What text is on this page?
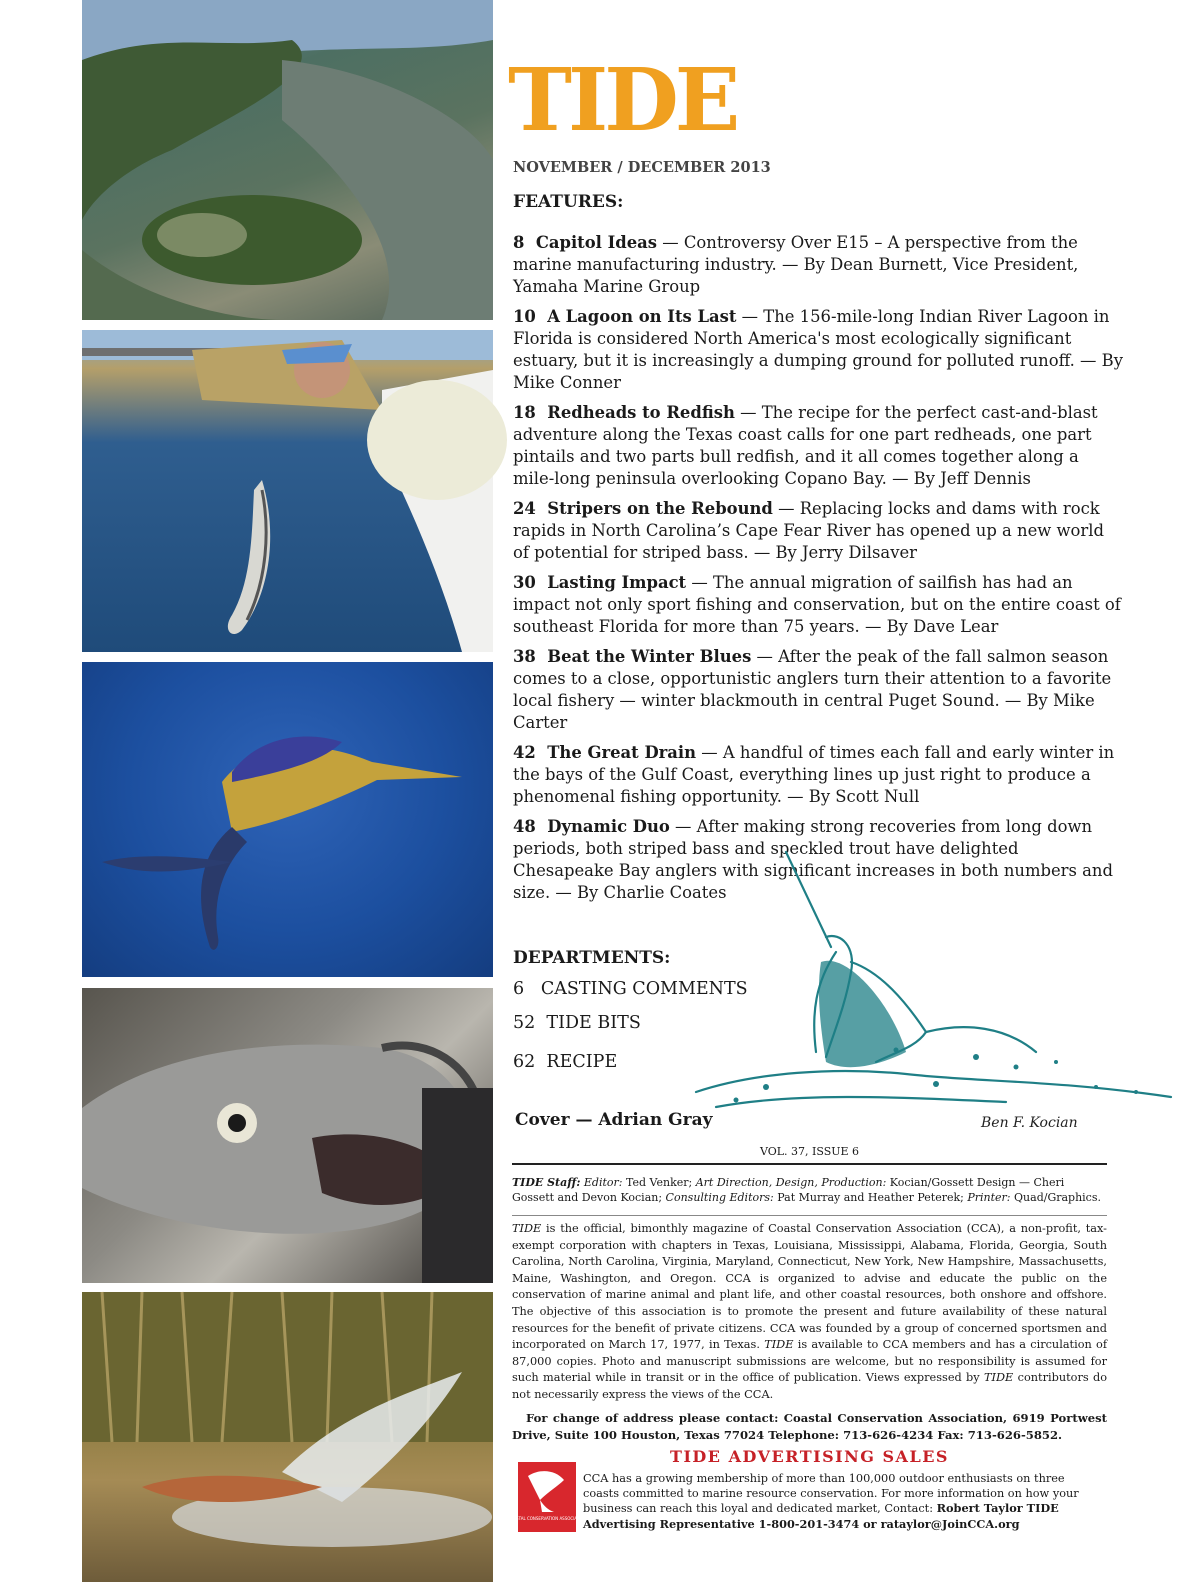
TIDE

NOVEMBER / DECEMBER 2013

FEATURES:

8 Capitol Ideas — Controversy Over E15 – A perspective from the marine manufacturing industry. — By Dean Burnett, Vice President, Yamaha Marine Group
10 A Lagoon on Its Last — The 156-mile-long Indian River Lagoon in Florida is considered North America's most ecologically significant estuary, but it is increasingly a dumping ground for polluted runoff. — By Mike Conner
18 Redheads to Redfish — The recipe for the perfect cast-and-blast adventure along the Texas coast calls for one part redheads, one part pintails and two parts bull redfish, and it all comes together along a mile-long peninsula overlooking Copano Bay. — By Jeff Dennis
24 Stripers on the Rebound — Replacing locks and dams with rock rapids in North Carolina’s Cape Fear River has opened up a new world of potential for striped bass. — By Jerry Dilsaver
30 Lasting Impact — The annual migration of sailfish has had an impact not only sport fishing and conservation, but on the entire coast of southeast Florida for more than 75 years. — By Dave Lear
38 Beat the Winter Blues — After the peak of the fall salmon season comes to a close, opportunistic anglers turn their attention to a favorite local fishery — winter blackmouth in central Puget Sound. — By Mike Carter
42 The Great Drain — A handful of times each fall and early winter in the bays of the Gulf Coast, everything lines up just right to produce a phenomenal fishing opportunity. — By Scott Null
48 Dynamic Duo — After making strong recoveries from long down periods, both striped bass and speckled trout have delighted Chesapeake Bay anglers with significant increases in both numbers and size. — By Charlie Coates
Ben F. Kocian

DEPARTMENTS:

6 CASTING COMMENTS

52 TIDE BITS

62 RECIPE

Cover — Adrian Gray

VOL. 37, ISSUE 6

TIDE Staff: Editor: Ted Venker; Art Direction, Design, Production: Kocian/Gossett Design — Cheri Gossett and Devon Kocian; Consulting Editors: Pat Murray and Heather Peterek; Printer: Quad/Graphics.

TIDE is the official, bimonthly magazine of Coastal Conservation Association (CCA), a non-profit, tax-exempt corporation with chapters in Texas, Louisiana, Mississippi, Alabama, Florida, Georgia, South Carolina, North Carolina, Virginia, Maryland, Connecticut, New York, New Hampshire, Massachusetts, Maine, Washington, and Oregon. CCA is organized to advise and educate the public on the conservation of marine animal and plant life, and other coastal resources, both onshore and offshore. The objective of this association is to promote the present and future availability of these natural resources for the benefit of private citizens. CCA was founded by a group of concerned sportsmen and incorporated on March 17, 1977, in Texas. TIDE is available to CCA members and has a circulation of 87,000 copies. Photo and manuscript submissions are welcome, but no responsibility is assumed for such material while in transit or in the office of publication. Views expressed by TIDE contributors do not necessarily express the views of the CCA.

For change of address please contact: Coastal Conservation Association, 6919 Portwest Drive, Suite 100 Houston, Texas 77024 Telephone: 713-626-4234 Fax: 713-626-5852.

TIDE ADVERTISING SALES

COASTAL CONSERVATION ASSOCIATION

CCA has a growing membership of more than 100,000 outdoor enthusiasts on three coasts committed to marine resource conservation. For more information on how your business can reach this loyal and dedicated market, Contact: Robert Taylor TIDE Advertising Representative 1-800-201-3474 or rataylor@JoinCCA.org
